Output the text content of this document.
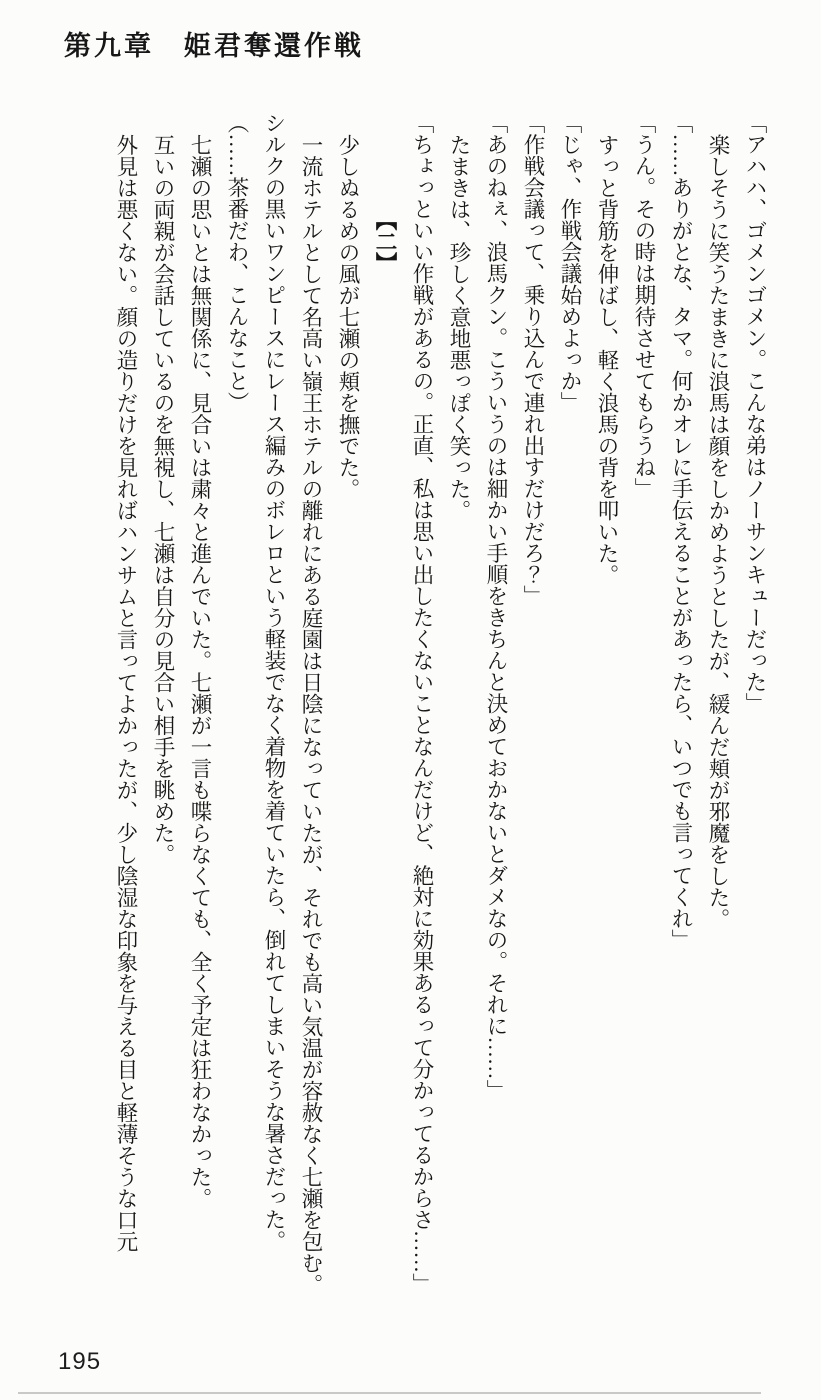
第九章　姫君奪還作戦

「アハハ、ゴメンゴメン。こんな弟はノーサンキューだった」

楽しそうに笑うたまきに浪馬は顔をしかめようとしたが、緩んだ頬が邪魔をした。

「……ありがとな、タマ。何かオレに手伝えることがあったら、いつでも言ってくれ」

「うん。その時は期待させてもらうね」

すっと背筋を伸ばし、軽く浪馬の背を叩いた。

「じゃ、作戦会議始めよっか」

「作戦会議って、乗り込んで連れ出すだけだろ？」

「あのねぇ、浪馬クン。こういうのは細かい手順をきちんと決めておかないとダメなの。それに……」

たまきは、珍しく意地悪っぽく笑った。

「ちょっといい作戦があるの。正直、私は思い出したくないことなんだけど、絶対に効果あるって分かってるからさ……」

【二】

少しぬるめの風が七瀬の頬を撫でた。

一流ホテルとして名高い嶺王ホテルの離れにある庭園は日陰になっていたが、それでも高い気温が容赦なく七瀬を包む。シルクの黒いワンピースにレース編みのボレロという軽装でなく着物を着ていたら、倒れてしまいそうな暑さだった。

（……茶番だわ、こんなこと）

七瀬の思いとは無関係に、見合いは粛々と進んでいた。七瀬が一言も喋らなくても、全く予定は狂わなかった。

互いの両親が会話しているのを無視し、七瀬は自分の見合い相手を眺めた。

外見は悪くない。顔の造りだけを見ればハンサムと言ってよかったが、少し陰湿な印象を与える目と軽薄そうな口元

195
